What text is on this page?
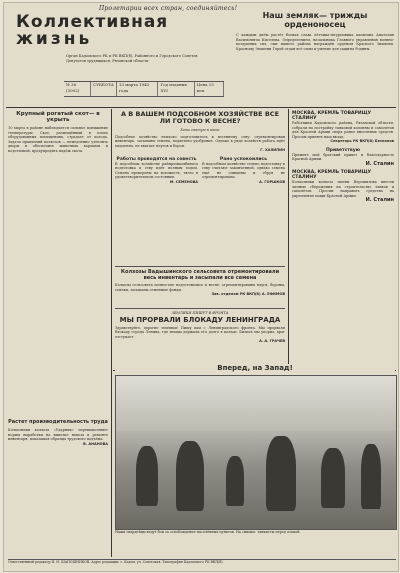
Пролетарии всех стран, соединяйтесь!
Коллективная
жизнь
Орган Кадомского РК и РК ВКП(б), Районного и Городского Советов Депутатов трудящихся, Рязанской области
№ 36 (3092)
СУББОТА	13 марта 1943 года
Год издания XVI
Цена 15 коп.
Наш земляк— трижды орденоносец
С каждым днём растёт боевая слава лётчика-штурмовика капитана Анатолия Васильевича Киселева. Определением, начальника Главного управления военно-воздушных сил, сын нашего района награждён орденом Красного Знамени. Красному Знамени Герой отдан всё силы и умение для защиты Родины.
Крупный рогатый скот— в укрыть
10 марта в районе наблюдается сильное понижение температуры. Скот, размещённый в плохо оборудованных помещениях, страдает от холода. Задача правлений колхозов — немедленно утеплить дворы и обеспечить животных кормами и подстилкой, предупредить падёж скота.
Растет производительность труда
Колхозники колхоза «Ударник» перевыполняют нормы выработки на вывозке навоза и ремонте инвентаря, показывая образцы трудового подъёма.
В. АНАНОВА
А В ВАШЕМ ПОДСОБНОМ ХОЗЯЙСТВЕ ВСЕ ЛИ ГОТОВО К ВЕСНЕ?
Хоть сватум в июне
Подсобное хозяйство неплохо подготовилось к весеннему севу: отремонтирован инвентарь, засыпаны семена, подвезено удобрение. Однако в ряде хозяйств работа идёт медленно, не хватает плугов и борон.
Г. ХАЛИПИН
Работы проводятся на совесть
В подсобном хозяйстве райпромкомбината подготовка к севу идёт полным ходом. Семена проверены на всхожесть, тягло в удовлетворительном состоянии.
М. СЕМЕНОВА
Рано успокоились
В подсобном хозяйстве сельпо подготовку к севу считают законченной, однако семена ещё не очищены и сбруя не отремонтирована.
А. ГОРШКОВ
Колхозы Вадышинского сельсовета отремонтировали весь инвентарь и засыпали все семена
Колхозы сельсовета полностью подготовились к весне: отремонтированы плуги, бороны, сеялки, засыпаны семенные фонды.
Зав. отделом РК ВКП(б) А. ЕФИМОВ
ЗЕМЛЯКИ ПИШУТ В ФРОНТА
МЫ ПРОРВАЛИ БЛОКАДУ ЛЕНИНГРАДА
Здравствуйте, дорогие земляки! Пишу вам с Ленинградского фронта. Мы прорвали блокаду города Ленина, где немцы держали его долго в кольце. Бились мы упорно, враг отступает.
А. А. ГРАЧЕВ
МОСКВА, КРЕМЛЬ ТОВАРИЩУ СТАЛИНУ
Работники Кадомского района, Рязанской области, собрали на постройку танковой колонны и самолётов для Красной Армии сверх ранее внесенных средств. Просим принять наш вклад.
Секретарь РК ВКП(б) Беспалов
Приветствую
Примите мой братский привет и благодарность Красной Армии.
И. Сталин
МОСКВА, КРЕМЛЬ ТОВАРИЩУ СТАЛИНУ
Колхозники колхоза имени Ворошилова внесли личные сбережения на строительство танков и самолётов. Просим направить средства на укрепление мощи Красной Армии.
И. Сталин
Вперед, на Запад!
Наши гвардейцы ведут бои за освобождение населённых пунктов. На снимке: танкисты перед атакой.
Ответственный редактор И. Н. ШАПОШНИКОВ. Адрес редакции: г. Кадом, ул. Советская. Типография Кадомского РК ВКП(б).
